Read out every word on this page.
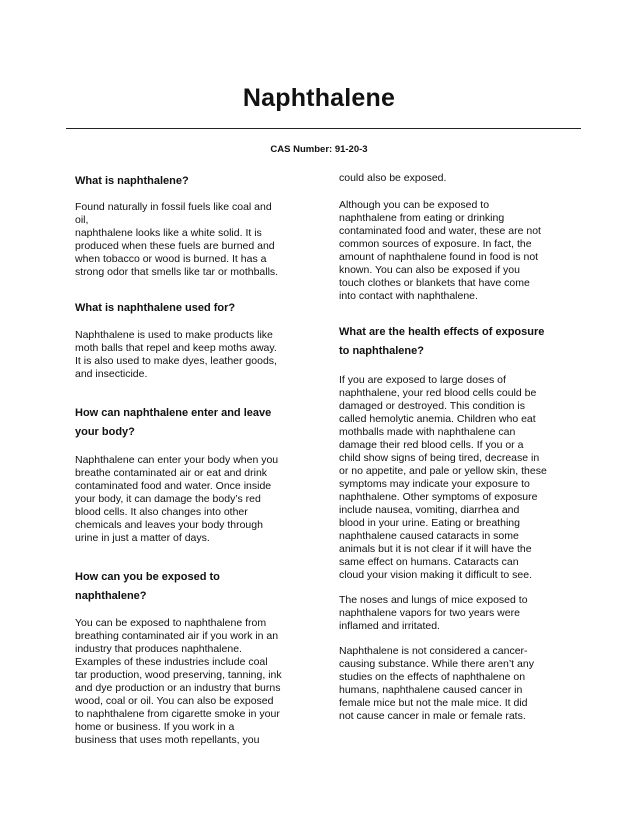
Naphthalene
CAS Number: 91-20-3

What is naphthalene?

Found naturally in fossil fuels like coal and
oil,
naphthalene looks like a white solid. It is
produced when these fuels are burned and
when tobacco or wood is burned. It has a
strong odor that smells like tar or mothballs.

What is naphthalene used for?

Naphthalene is used to make products like
moth balls that repel and keep moths away.
It is also used to make dyes, leather goods,
and insecticide.

How can naphthalene enter and leave
your body?

Naphthalene can enter your body when you
breathe contaminated air or eat and drink
contaminated food and water. Once inside
your body, it can damage the body’s red
blood cells. It also changes into other
chemicals and leaves your body through
urine in just a matter of days.

How can you be exposed to
naphthalene?

You can be exposed to naphthalene from
breathing contaminated air if you work in an
industry that produces naphthalene.
Examples of these industries include coal
tar production, wood preserving, tanning, ink
and dye production or an industry that burns
wood, coal or oil. You can also be exposed
to naphthalene from cigarette smoke in your
home or business. If you work in a
business that uses moth repellants, you

could also be exposed.

Although you can be exposed to
naphthalene from eating or drinking
contaminated food and water, these are not
common sources of exposure. In fact, the
amount of naphthalene found in food is not
known. You can also be exposed if you
touch clothes or blankets that have come
into contact with naphthalene.

What are the health effects of exposure
to naphthalene?

If you are exposed to large doses of
naphthalene, your red blood cells could be
damaged or destroyed. This condition is
called hemolytic anemia. Children who eat
mothballs made with naphthalene can
damage their red blood cells. If you or a
child show signs of being tired, decrease in
or no appetite, and pale or yellow skin, these
symptoms may indicate your exposure to
naphthalene. Other symptoms of exposure
include nausea, vomiting, diarrhea and
blood in your urine. Eating or breathing
naphthalene caused cataracts in some
animals but it is not clear if it will have the
same effect on humans. Cataracts can
cloud your vision making it difficult to see.

The noses and lungs of mice exposed to
naphthalene vapors for two years were
inflamed and irritated.

Naphthalene is not considered a cancer-
causing substance. While there aren’t any
studies on the effects of naphthalene on
humans, naphthalene caused cancer in
female mice but not the male mice. It did
not cause cancer in male or female rats.
